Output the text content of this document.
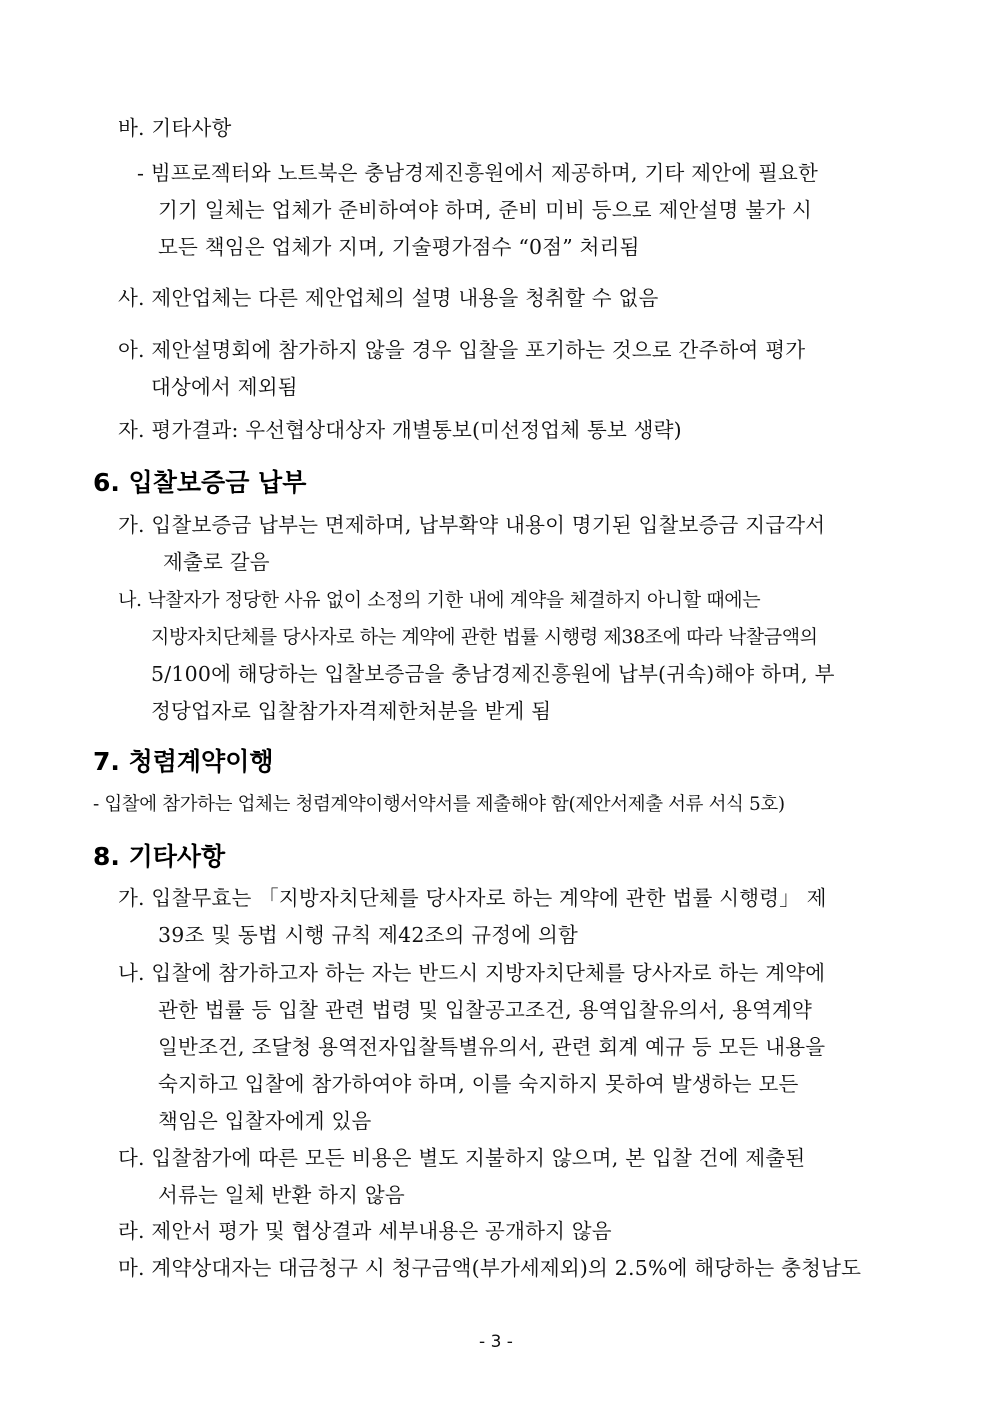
바. 기타사항
- 빔프로젝터와 노트북은 충남경제진흥원에서 제공하며, 기타 제안에 필요한
기기 일체는 업체가 준비하여야 하며, 준비 미비 등으로 제안설명 불가 시
모든 책임은 업체가 지며, 기술평가점수 “0점” 처리됨
사. 제안업체는 다른 제안업체의 설명 내용을 청취할 수 없음
아. 제안설명회에 참가하지 않을 경우 입찰을 포기하는 것으로 간주하여 평가
대상에서 제외됨
자. 평가결과: 우선협상대상자 개별통보(미선정업체 통보 생략)
6. 입찰보증금 납부
가. 입찰보증금 납부는 면제하며, 납부확약 내용이 명기된 입찰보증금 지급각서
제출로 갈음
나. 낙찰자가 정당한 사유 없이 소정의 기한 내에 계약을 체결하지 아니할 때에는
지방자치단체를 당사자로 하는 계약에 관한 법률 시행령 제38조에 따라 낙찰금액의
5/100에 해당하는 입찰보증금을 충남경제진흥원에 납부(귀속)해야 하며, 부
정당업자로 입찰참가자격제한처분을 받게 됨
7. 청렴계약이행
- 입찰에 참가하는 업체는 청렴계약이행서약서를 제출해야 함(제안서제출 서류 서식 5호)
8. 기타사항
가. 입찰무효는 「지방자치단체를 당사자로 하는 계약에 관한 법률 시행령」 제
39조 및 동법 시행 규칙 제42조의 규정에 의함
나. 입찰에 참가하고자 하는 자는 반드시 지방자치단체를 당사자로 하는 계약에
관한 법률 등 입찰 관련 법령 및 입찰공고조건, 용역입찰유의서, 용역계약
일반조건, 조달청 용역전자입찰특별유의서, 관련 회계 예규 등 모든 내용을
숙지하고 입찰에 참가하여야 하며, 이를 숙지하지 못하여 발생하는 모든
책임은 입찰자에게 있음
다. 입찰참가에 따른 모든 비용은 별도 지불하지 않으며, 본 입찰 건에 제출된
서류는 일체 반환 하지 않음
라. 제안서 평가 및 협상결과 세부내용은 공개하지 않음
마. 계약상대자는 대금청구 시 청구금액(부가세제외)의 2.5%에 해당하는 충청남도
- 3 -
